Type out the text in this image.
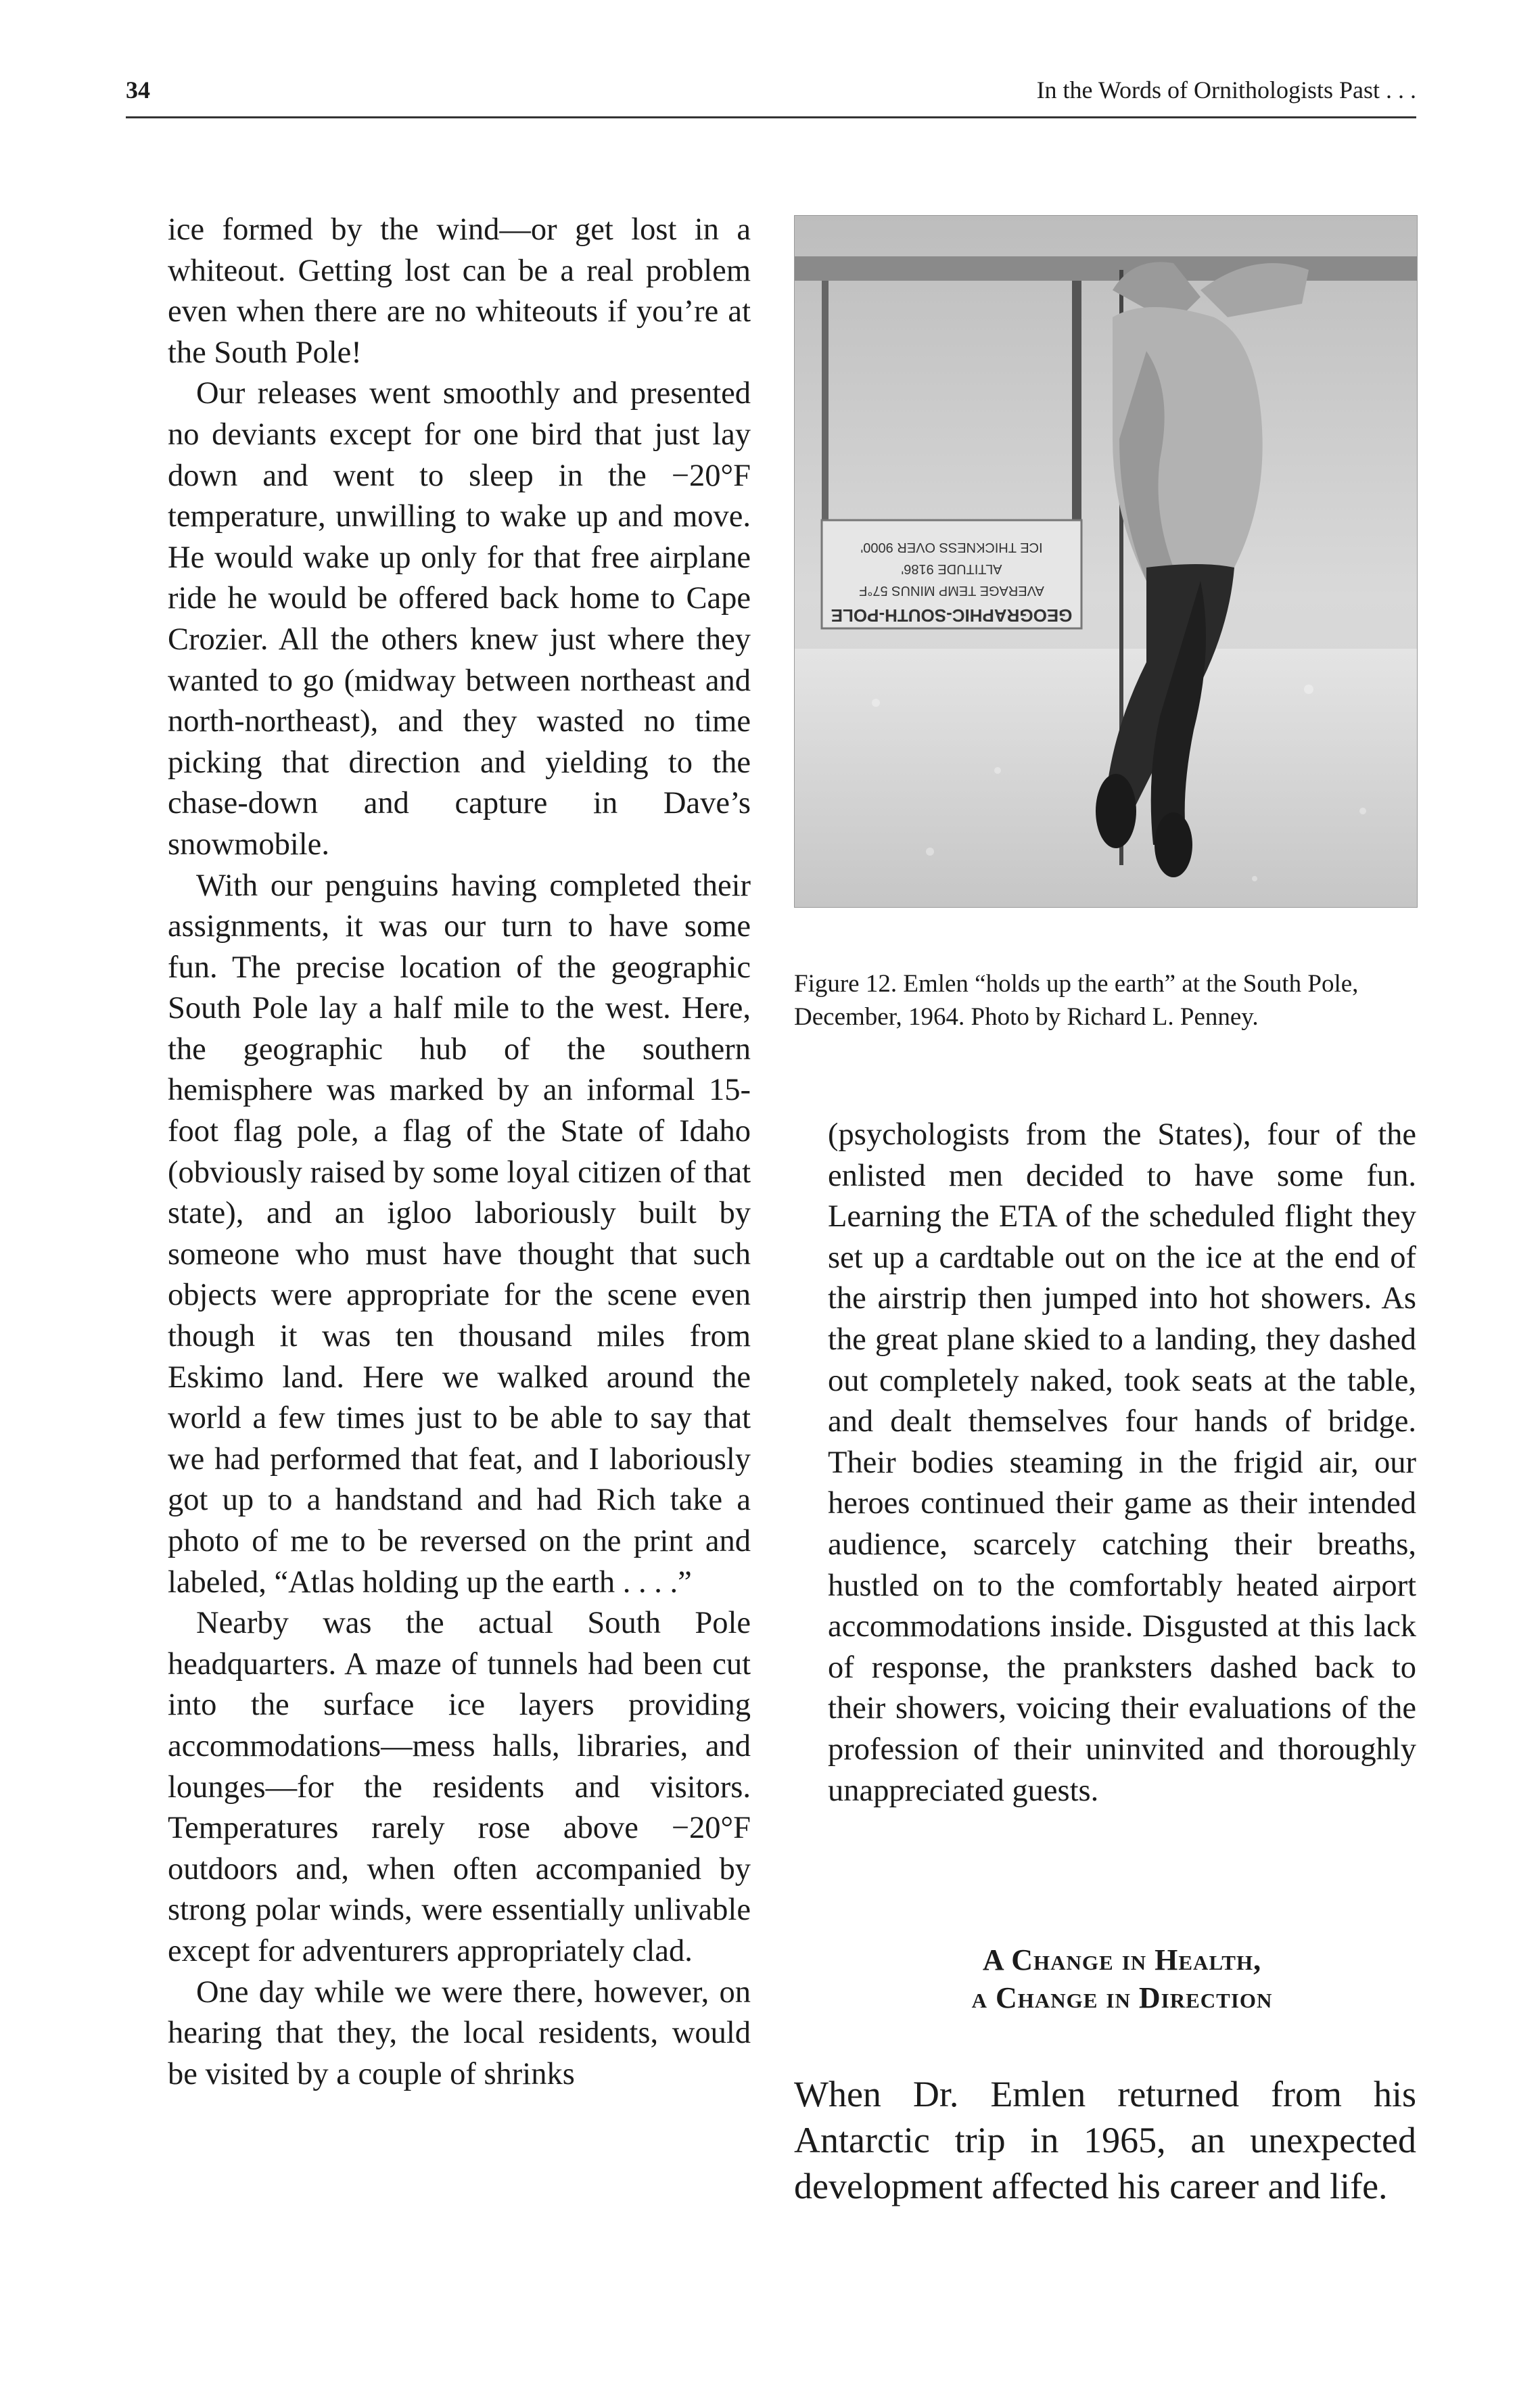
34	In the Words of Ornithologists Past . . .

ice formed by the wind—or get lost in a whiteout. Getting lost can be a real problem even when there are no whiteouts if you’re at the South Pole!

Our releases went smoothly and presented no deviants except for one bird that just lay down and went to sleep in the −20°F temperature, unwilling to wake up and move. He would wake up only for that free airplane ride he would be offered back home to Cape Crozier. All the others knew just where they wanted to go (midway between northeast and north-northeast), and they wasted no time picking that direction and yielding to the chase-down and capture in Dave’s snowmobile.

With our penguins having completed their assignments, it was our turn to have some fun. The precise location of the geographic South Pole lay a half mile to the west. Here, the geographic hub of the southern hemisphere was marked by an informal 15-foot flag pole, a flag of the State of Idaho (obviously raised by some loyal citizen of that state), and an igloo laboriously built by someone who must have thought that such objects were appropriate for the scene even though it was ten thousand miles from Eskimo land. Here we walked around the world a few times just to be able to say that we had performed that feat, and I laboriously got up to a handstand and had Rich take a photo of me to be reversed on the print and labeled, “Atlas holding up the earth . . . .”

Nearby was the actual South Pole headquarters. A maze of tunnels had been cut into the surface ice layers providing accommodations—mess halls, libraries, and lounges—for the residents and visitors. Temperatures rarely rose above −20°F outdoors and, when often accompanied by strong polar winds, were essentially unlivable except for adventurers appropriately clad.

One day while we were there, however, on hearing that they, the local residents, would be visited by a couple of shrinks

GEOGRAPHIC-SOUTH-POLE
AVERAGE TEMP MINUS 57°F
ALTITUDE 9186'
ICE THICKNESS OVER 9000'
Figure 12. Emlen “holds up the earth” at the South Pole, December, 1964. Photo by Richard L. Penney.

(psychologists from the States), four of the enlisted men decided to have some fun. Learning the ETA of the scheduled flight they set up a cardtable out on the ice at the end of the airstrip then jumped into hot showers. As the great plane skied to a landing, they dashed out completely naked, took seats at the table, and dealt themselves four hands of bridge. Their bodies steaming in the frigid air, our heroes continued their game as their intended audience, scarcely catching their breaths, hustled on to the comfortably heated airport accommodations inside. Disgusted at this lack of response, the pranksters dashed back to their showers, voicing their evaluations of the profession of their uninvited and thoroughly unappreciated guests.

A Change in Health,
a Change in Direction

When Dr. Emlen returned from his Antarctic trip in 1965, an unexpected development affected his career and life.
